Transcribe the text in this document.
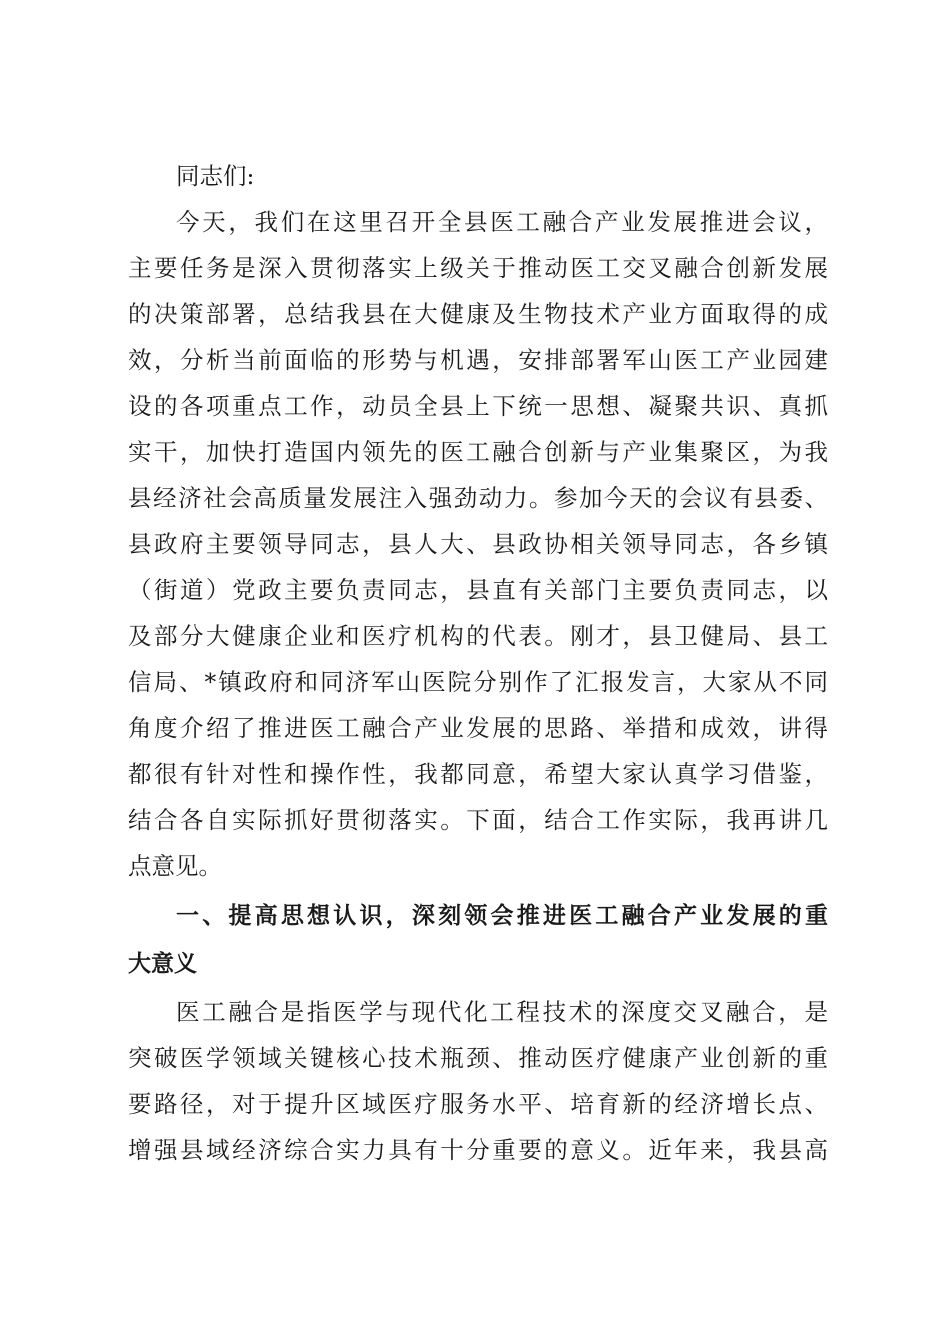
同志们:
今天，我们在这里召开全县医工融合产业发展推进会议，
主要任务是深入贯彻落实上级关于推动医工交叉融合创新发展
的决策部署，总结我县在大健康及生物技术产业方面取得的成
效，分析当前面临的形势与机遇，安排部署军山医工产业园建
设的各项重点工作，动员全县上下统一思想、凝聚共识、真抓
实干，加快打造国内领先的医工融合创新与产业集聚区，为我
县经济社会高质量发展注入强劲动力。参加今天的会议有县委、
县政府主要领导同志，县人大、县政协相关领导同志，各乡镇
（街道）党政主要负责同志，县直有关部门主要负责同志，以
及部分大健康企业和医疗机构的代表。刚才，县卫健局、县工
信局、*镇政府和同济军山医院分别作了汇报发言，大家从不同
角度介绍了推进医工融合产业发展的思路、举措和成效，讲得
都很有针对性和操作性，我都同意，希望大家认真学习借鉴，
结合各自实际抓好贯彻落实。下面，结合工作实际，我再讲几
点意见。
一、提高思想认识，深刻领会推进医工融合产业发展的重
大意义
医工融合是指医学与现代化工程技术的深度交叉融合，是
突破医学领域关键核心技术瓶颈、推动医疗健康产业创新的重
要路径，对于提升区域医疗服务水平、培育新的经济增长点、
增强县域经济综合实力具有十分重要的意义。近年来，我县高
